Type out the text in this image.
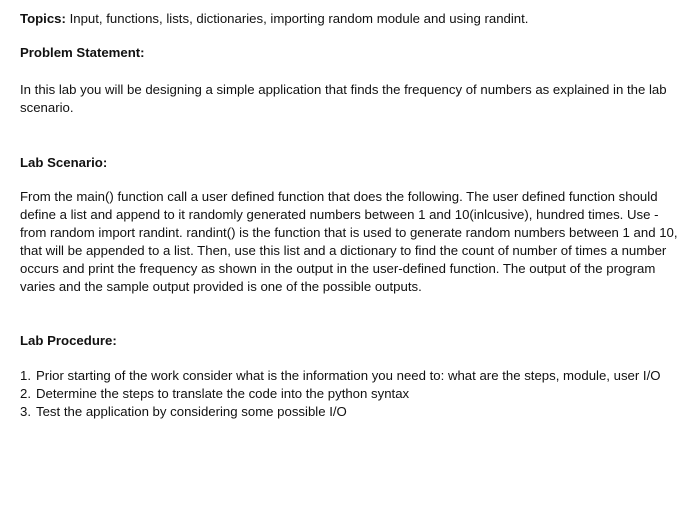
Topics: Input, functions, lists, dictionaries, importing random module and using randint.

Problem Statement:

In this lab you will be designing a simple application that finds the frequency of numbers as explained in the lab scenario.

Lab Scenario:

From the main() function call a user defined function that does the following. The user defined function should define a list and append to it randomly generated numbers between 1 and 10(inlcusive), hundred times. Use - from random import randint. randint() is the function that is used to generate random numbers between 1 and 10, that will be appended to a list. Then, use this list and a dictionary to find the count of number of times a number occurs and print the frequency as shown in the output in the user-defined function. The output of the program varies and the sample output provided is one of the possible outputs.

Lab Procedure:

1. Prior starting of the work consider what is the information you need to: what are the steps, module, user I/O
2. Determine the steps to translate the code into the python syntax
3. Test the application by considering some possible I/O
